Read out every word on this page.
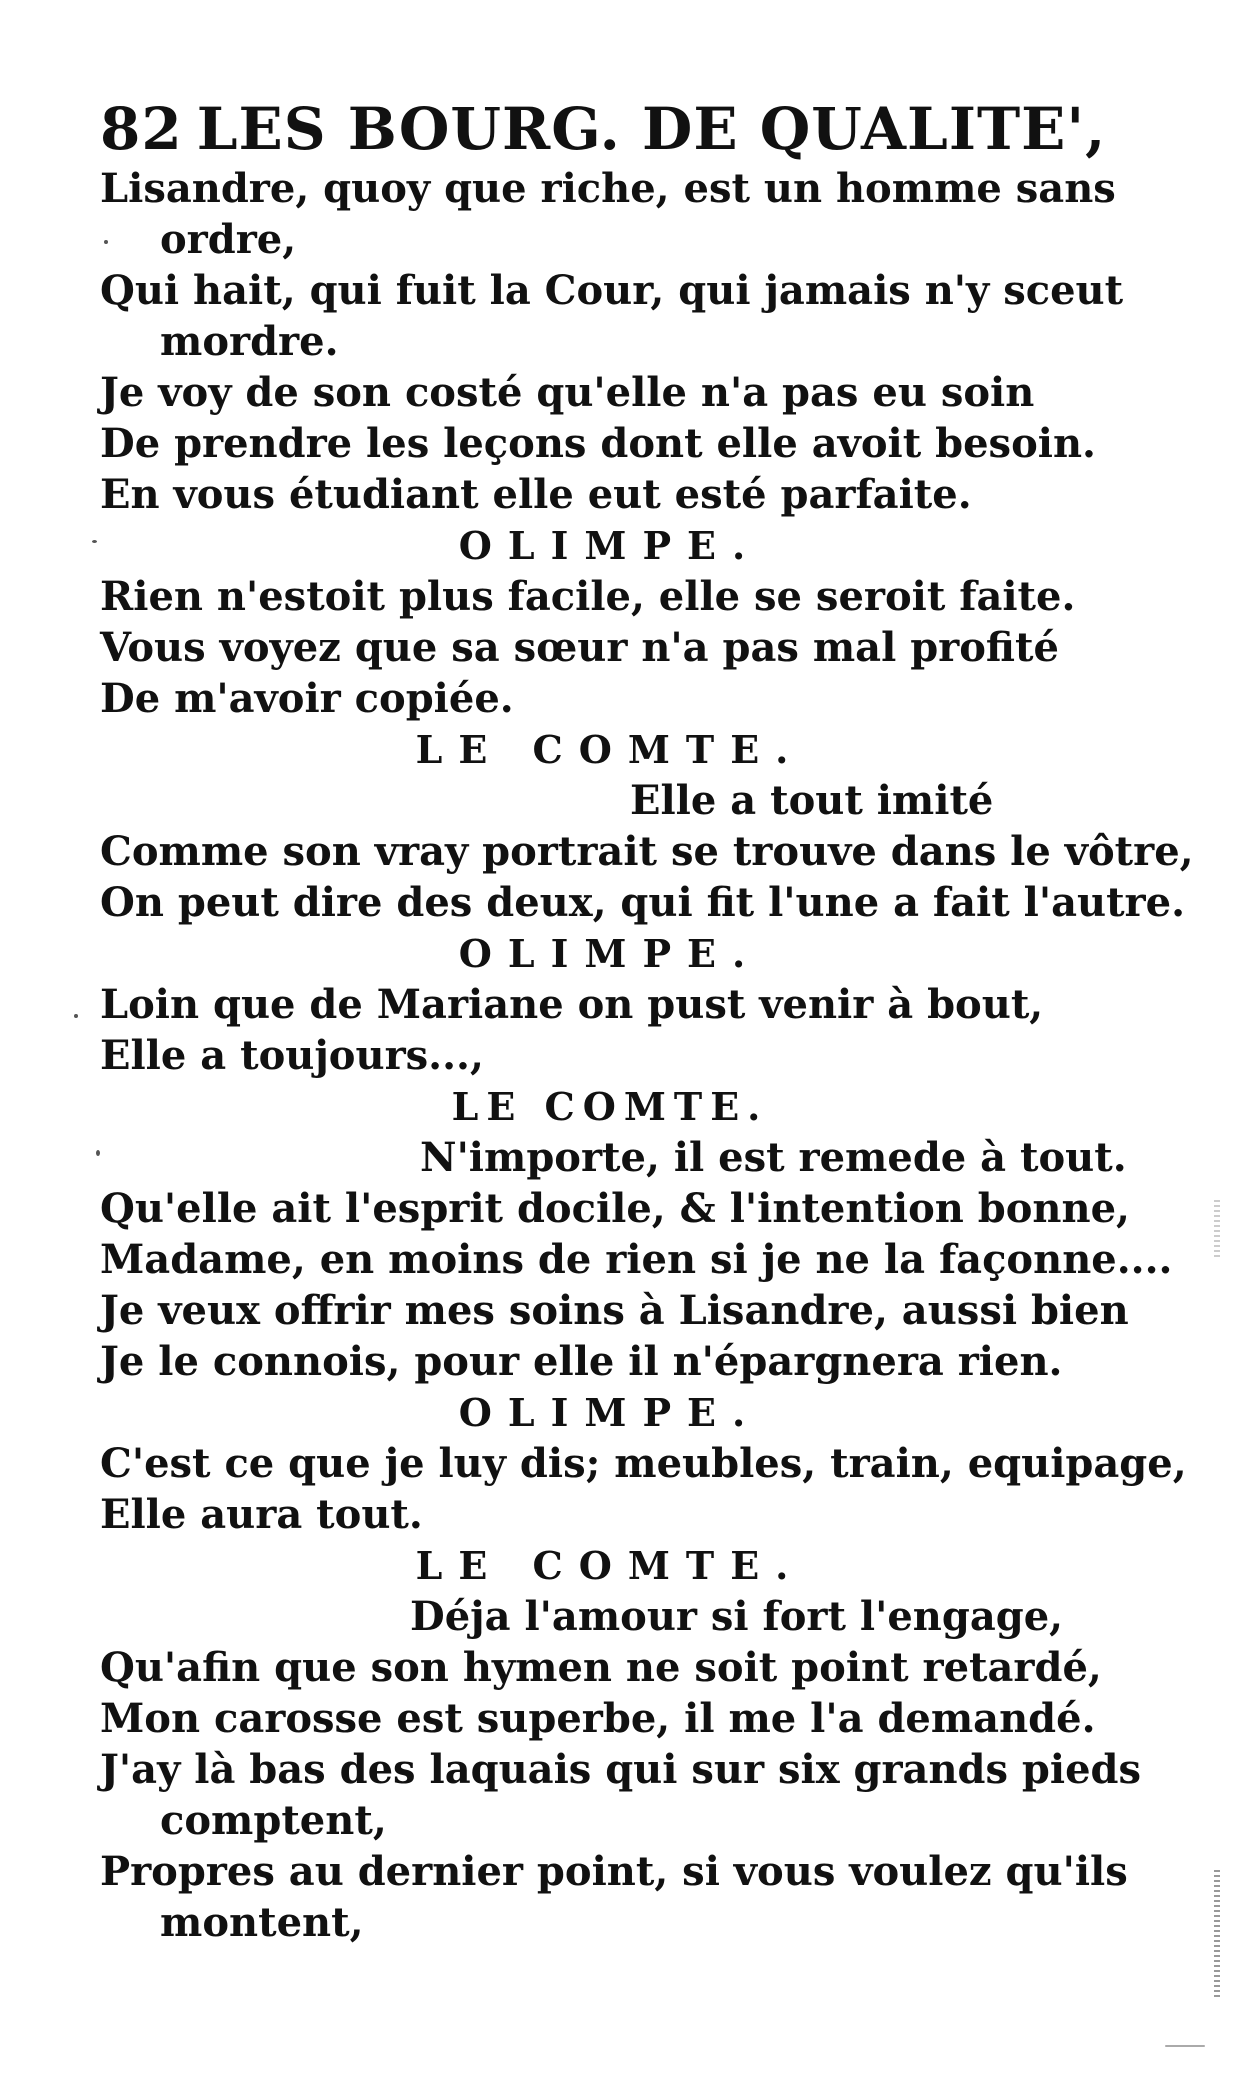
82 LES BOURG. DE QUALITE',
Lisandre, quoy que riche, est un homme sans
ordre,
Qui hait, qui fuit la Cour, qui jamais n'y sceut
mordre.
Je voy de son costé qu'elle n'a pas eu soin
De prendre les leçons dont elle avoit besoin.
En vous étudiant elle eut esté parfaite.
OLIMPE.
Rien n'estoit plus facile, elle se seroit faite.
Vous voyez que sa sœur n'a pas mal profité
De m'avoir copiée.
LE COMTE.
Elle a tout imité
Comme son vray portrait se trouve dans le vôtre,
On peut dire des deux, qui fit l'une a fait l'autre.
OLIMPE.
Loin que de Mariane on pust venir à bout,
Elle a toujours...,
LE COMTE.
N'importe, il est remede à tout.
Qu'elle ait l'esprit docile, & l'intention bonne,
Madame, en moins de rien si je ne la façonne....
Je veux offrir mes soins à Lisandre, aussi bien
Je le connois, pour elle il n'épargnera rien.
OLIMPE.
C'est ce que je luy dis; meubles, train, equipage,
Elle aura tout.
LE COMTE.
Déja l'amour si fort l'engage,
Qu'afin que son hymen ne soit point retardé,
Mon carosse est superbe, il me l'a demandé.
J'ay là bas des laquais qui sur six grands pieds
comptent,
Propres au dernier point, si vous voulez qu'ils
montent,
